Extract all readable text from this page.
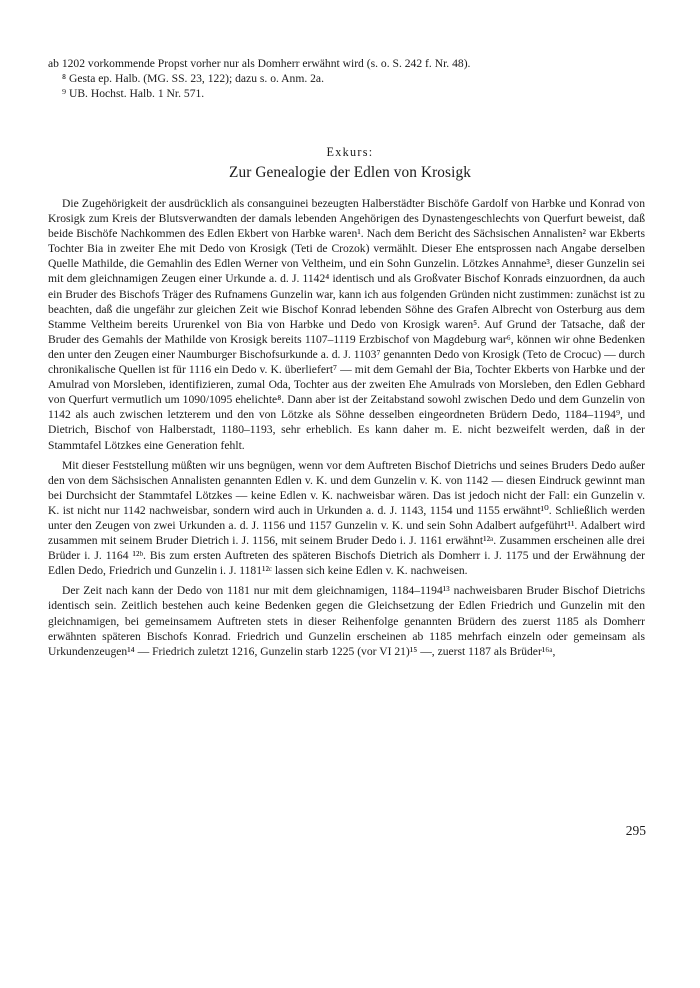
ab 1202 vorkommende Propst vorher nur als Domherr erwähnt wird (s. o. S. 242 f. Nr. 48).

⁸ Gesta ep. Halb. (MG. SS. 23, 122); dazu s. o. Anm. 2a.

⁹ UB. Hochst. Halb. 1 Nr. 571.

Exkurs:
Zur Genealogie der Edlen von Krosigk

Die Zugehörigkeit der ausdrücklich als consanguinei bezeugten Halberstädter Bischöfe Gardolf von Harbke und Konrad von Krosigk zum Kreis der Blutsverwandten der damals lebenden Angehörigen des Dynastengeschlechts von Querfurt beweist, daß beide Bischöfe Nachkommen des Edlen Ekbert von Harbke waren¹. Nach dem Bericht des Sächsischen Annalisten² war Ekberts Tochter Bia in zweiter Ehe mit Dedo von Krosigk (Teti de Crozok) vermählt. Dieser Ehe entsprossen nach Angabe derselben Quelle Mathilde, die Gemahlin des Edlen Werner von Veltheim, und ein Sohn Gunzelin. Lötzkes Annahme³, dieser Gunzelin sei mit dem gleichnamigen Zeugen einer Urkunde a. d. J. 1142⁴ identisch und als Großvater Bischof Konrads einzuordnen, da auch ein Bruder des Bischofs Träger des Rufnamens Gunzelin war, kann ich aus folgenden Gründen nicht zustimmen: zunächst ist zu beachten, daß die ungefähr zur gleichen Zeit wie Bischof Konrad lebenden Söhne des Grafen Albrecht von Osterburg aus dem Stamme Veltheim bereits Ururenkel von Bia von Harbke und Dedo von Krosigk waren⁵. Auf Grund der Tatsache, daß der Bruder des Gemahls der Mathilde von Krosigk bereits 1107–1119 Erzbischof von Magdeburg war⁶, können wir ohne Bedenken den unter den Zeugen einer Naumburger Bischofsurkunde a. d. J. 1103⁷ genannten Dedo von Krosigk (Teto de Crocuc) — durch chronikalische Quellen ist für 1116 ein Dedo v. K. überliefert⁷ — mit dem Gemahl der Bia, Tochter Ekberts von Harbke und der Amulrad von Morsleben, identifizieren, zumal Oda, Tochter aus der zweiten Ehe Amulrads von Morsleben, den Edlen Gebhard von Querfurt vermutlich um 1090/1095 ehelichte⁸. Dann aber ist der Zeitabstand sowohl zwischen Dedo und dem Gunzelin von 1142 als auch zwischen letzterem und den von Lötzke als Söhne desselben eingeordneten Brüdern Dedo, 1184–1194⁹, und Dietrich, Bischof von Halberstadt, 1180–1193, sehr erheblich. Es kann daher m. E. nicht bezweifelt werden, daß in der Stammtafel Lötzkes eine Generation fehlt.

Mit dieser Feststellung müßten wir uns begnügen, wenn vor dem Auftreten Bischof Dietrichs und seines Bruders Dedo außer den von dem Sächsischen Annalisten genannten Edlen v. K. und dem Gunzelin v. K. von 1142 — diesen Eindruck gewinnt man bei Durchsicht der Stammtafel Lötzkes — keine Edlen v. K. nachweisbar wären. Das ist jedoch nicht der Fall: ein Gunzelin v. K. ist nicht nur 1142 nachweisbar, sondern wird auch in Urkunden a. d. J. 1143, 1154 und 1155 erwähnt¹⁰. Schließlich werden unter den Zeugen von zwei Urkunden a. d. J. 1156 und 1157 Gunzelin v. K. und sein Sohn Adalbert aufgeführt¹¹. Adalbert wird zusammen mit seinem Bruder Dietrich i. J. 1156, mit seinem Bruder Dedo i. J. 1161 erwähnt¹²ᵃ. Zusammen erscheinen alle drei Brüder i. J. 1164 ¹²ᵇ. Bis zum ersten Auftreten des späteren Bischofs Dietrich als Domherr i. J. 1175 und der Erwähnung der Edlen Dedo, Friedrich und Gunzelin i. J. 1181¹²ᶜ lassen sich keine Edlen v. K. nachweisen.

Der Zeit nach kann der Dedo von 1181 nur mit dem gleichnamigen, 1184–1194¹³ nachweisbaren Bruder Bischof Dietrichs identisch sein. Zeitlich bestehen auch keine Bedenken gegen die Gleichsetzung der Edlen Friedrich und Gunzelin mit den gleichnamigen, bei gemeinsamem Auftreten stets in dieser Reihenfolge genannten Brüdern des zuerst 1185 als Domherr erwähnten späteren Bischofs Konrad. Friedrich und Gunzelin erscheinen ab 1185 mehrfach einzeln oder gemeinsam als Urkundenzeugen¹⁴ — Friedrich zuletzt 1216, Gunzelin starb 1225 (vor VI 21)¹⁵ —, zuerst 1187 als Brüder¹⁶ᵃ,

295
